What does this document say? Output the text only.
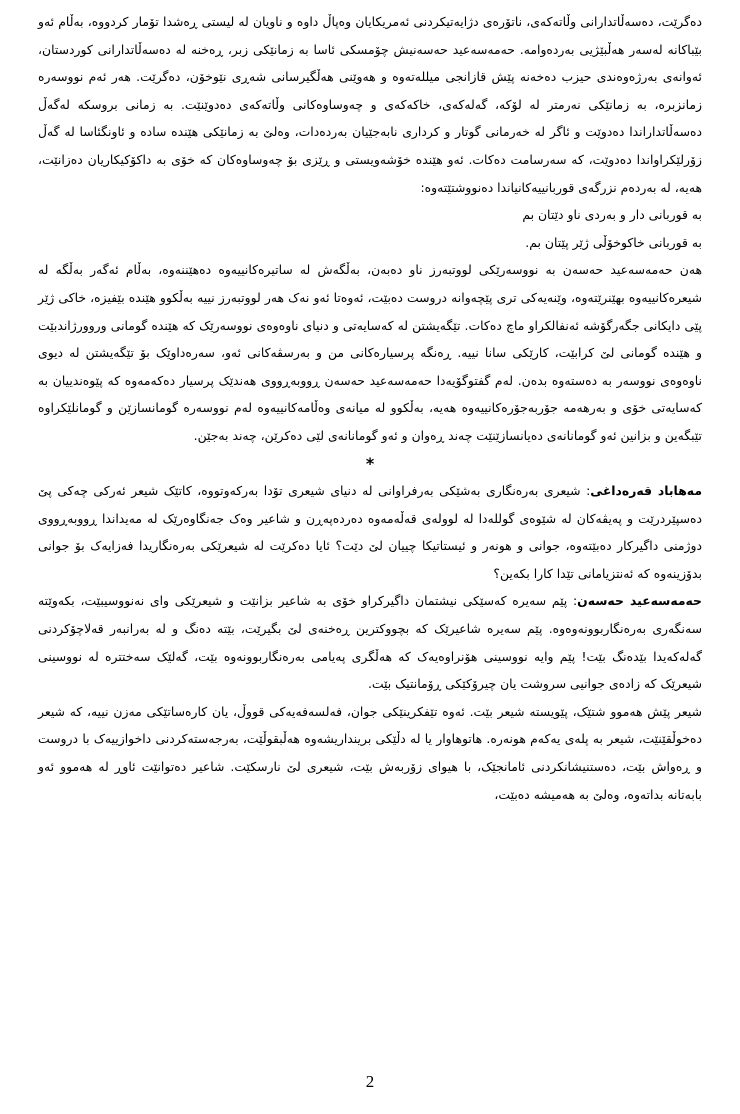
دەگرێت، دەسەڵاتدارانی وڵاتەکەی، ناتۆرەی دژایەتیکردنی ئەمریکایان وەپاڵ داوە و ناویان لە لیستی ڕەشدا تۆمار کردووە، بەڵام ئەو بێباکانە لەسەر هەڵبێژیی بەردەوامە. حەمەسەعید حەسەنیش چۆمسکی ئاسا بە زمانێکی زبر، ڕەخنە لە دەسەڵاتدارانی کوردستان، ئەوانەی بەرژەوەندی حیزب دەخەنە پێش قازانجی میللەتەوە و هەوێنی هەڵگیرسانی شەڕی نێوخۆن، دەگرێت. هەر ئەم نووسەرە زمانزبرە، بە زمانێکی نەرمتر لە لۆکە، گەلەکەی، خاکەکەی و چەوساوەکانی وڵاتەکەی دەدوێنێت. بە زمانی بروسکە لەگەڵ دەسەڵاتداراندا دەدوێت و ئاگر لە خەرمانی گوتار و کرداری نابەجێیان بەردەدات، وەلێ بە زمانێکی هێندە سادە و ئاونگئاسا لە گەڵ زۆرلێکراواندا دەدوێت، کە سەرسامت دەکات. ئەو هێندە خۆشەویستی و ڕێزی بۆ چەوساوەکان کە خۆی بە داکۆکیکاریان دەزانێت، هەیە، لە بەردەم نزرگەی قوربانییەکانیاندا دەنووشتێتەوە:

بە قوربانی دار و بەردی ناو دێتان بم

بە قوربانی خاکوخۆڵی ژێر پێتان بم.

هەن حەمەسەعید حەسەن بە نووسەرێکی لووتبەرز ناو دەبەن، بەڵگەش لە ساتیرەکانییەوە دەهێننەوە، بەڵام ئەگەر بەڵگە لە شیعرەکانییەوە بهێنرێتەوە، وێنەیەکی تری پێچەوانە دروست دەبێت، ئەوەتا ئەو نەک هەر لووتبەرز نییە بەڵکوو هێندە بێفیزە، خاکی ژێر پێی دایکانی جگەرگۆشە ئەنفالکراو ماچ دەکات. تێگەیشتن لە کەسایەتی و دنیای ناوەوەی نووسەرێک کە هێندە گومانی وروورژاندبێت و هێندە گومانی لێ کرابێت، کارێکی سانا نییە. ڕەنگە پرسیارەکانی من و بەرسڤەکانی ئەو، سەرەداوێک بۆ تێگەیشتن لە دیوی ناوەوەی نووسەر بە دەستەوە بدەن. لەم گفتوگۆیەدا حەمەسەعید حەسەن ڕووبەڕووی هەندێک پرسیار دەکەمەوە کە پێوەندییان بە کەسایەتی خۆی و بەرهەمە جۆربەجۆرەکانییەوە هەیە، بەڵکوو لە میانەی وەڵامەکانییەوە لەم نووسەرە گومانسازێن و گومانلێکراوە تێبگەین و بزانین ئەو گومانانەی دەیانسازێنێت چەند ڕەوان و ئەو گومانانەی لێی دەکرێن، چەند بەجێن.

*

مەهاباد قەرەداغی: شیعری بەرەنگاری بەشێکی بەرفراوانی لە دنیای شیعری تۆدا بەرکەوتووە، کاتێک شیعر ئەرکی چەکی پێ دەسپێردرێت و پەیڤەکان لە شێوەی گوللەدا لە لوولەی قەڵەمەوە دەردەپەڕن و شاعیر وەک جەنگاوەرێک لە مەیداندا ڕووبەڕووی دوژمنی داگیرکار دەبێتەوە، جوانی و هونەر و ئیستاتیکا چییان لێ دێت؟ ئایا دەکرێت لە شیعرێکی بەرەنگاریدا فەزایەک بۆ جوانی بدۆزینەوە کە ئەنتزیامانی تێدا کارا بکەین؟

حەمەسەعید حەسەن: پێم سەیرە کەسێکی نیشتمان داگیرکراو خۆی بە شاعیر بزانێت و شیعرێکی وای نەنووسیبێت، بکەوێتە سەنگەری بەرەنگاربوونەوەوە. پێم سەیرە شاعیرێک کە بچووکترین ڕەخنەی لێ بگیرێت، بێتە دەنگ و لە بەرانبەر قەلاچۆکردنی گەلەکەیدا بێدەنگ بێت! پێم وایە نووسینی هۆنراوەیەک کە هەڵگری پەیامی بەرەنگاربوونەوە بێت، گەلێک سەختترە لە نووسینی شیعرێک کە زادەی جوانیی سروشت یان چیرۆکێکی ڕۆمانتیک بێت.

شیعر پێش هەموو شتێک، پێویستە شیعر بێت. ئەوە تێفکرینێکی جوان، فەلسەفەیەکی قووڵ، یان کارەساتێکی مەزن نییە، کە شیعر دەخوڵقێنێت، شیعر بە پلەی یەکەم هونەرە. هاتوهاوار یا لە دڵێکی برینداریشەوە هەڵبقوڵێت، بەرجەستەکردنی داخوازییەک با دروست و ڕەواش بێت، دەستنیشانکردنی ئامانجێک، با هیوای زۆربەش بێت، شیعری لێ نارسکێت. شاعیر دەتوانێت ئاوڕ لە هەموو ئەو بابەتانە بداتەوە، وەلێ بە هەمیشە دەبێت،

2
